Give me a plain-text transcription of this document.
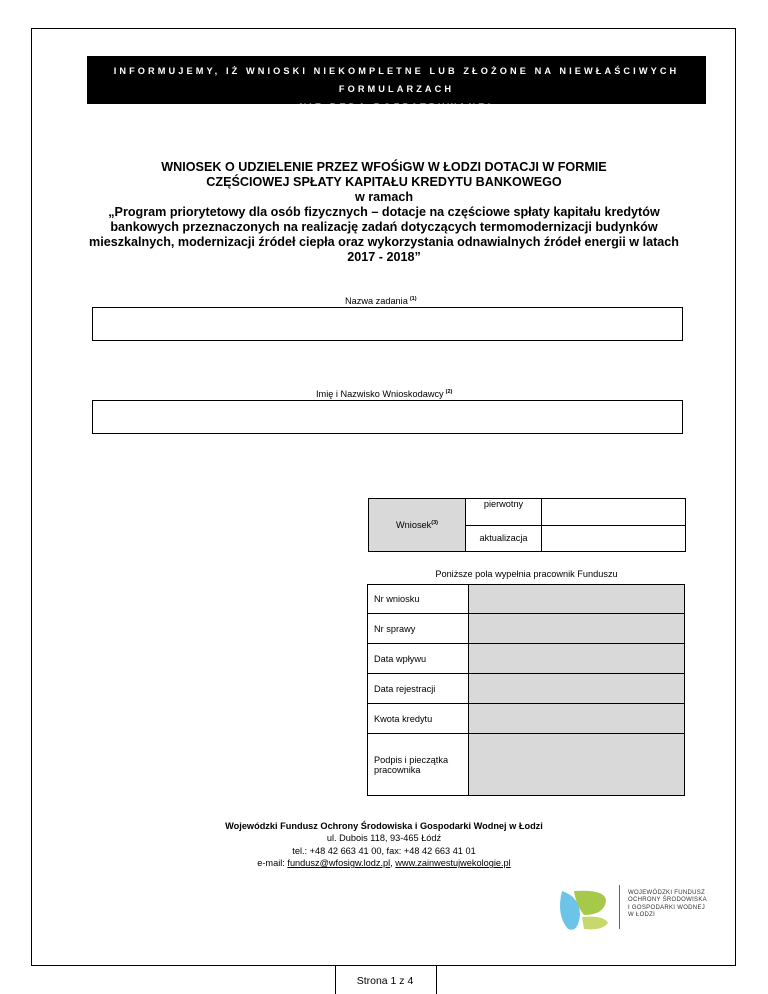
INFORMUJEMY, IŻ WNIOSKI NIEKOMPLETNE LUB ZŁOŻONE NA NIEWŁAŚCIWYCH FORMULARZACH
NIE BĘDĄ ROZPATRYWANE!
WNIOSEK O UDZIELENIE PRZEZ WFOŚiGW W ŁODZI DOTACJI W FORMIE
CZĘŚCIOWEJ SPŁATY KAPITAŁU KREDYTU BANKOWEGO
w ramach
„Program priorytetowy dla osób fizycznych – dotacje na częściowe spłaty kapitału kredytów
bankowych przeznaczonych na realizację zadań dotyczących termomodernizacji budynków
mieszkalnych, modernizacji źródeł ciepła oraz wykorzystania odnawialnych źródeł energii w latach
2017 - 2018”
Nazwa zadania $^{(1)}$
Imię i Nazwisko Wnioskodawcy $^{(2)}$
Wniosek$^{(3)}$	pierwotny	
	aktualizacja	
Poniższe pola wypełnia pracownik Funduszu
Nr wniosku	
Nr sprawy	
Data wpływu	
Data rejestracji	
Kwota kredytu	
Podpis i pieczątka pracownika	
Wojewódzki Fundusz Ochrony Środowiska i Gospodarki Wodnej w Łodzi
ul. Dubois 118, 93-465 Łódź
tel.: +48 42 663 41 00, fax: +48 42 663 41 01
e-mail: fundusz@wfosigw.lodz.pl, www.zainwestujwekologie.pl
WOJEWÓDZKI FUNDUSZ
OCHRONY ŚRODOWISKA
I GOSPODARKI WODNEJ
W ŁODZI
Strona 1 z 4
